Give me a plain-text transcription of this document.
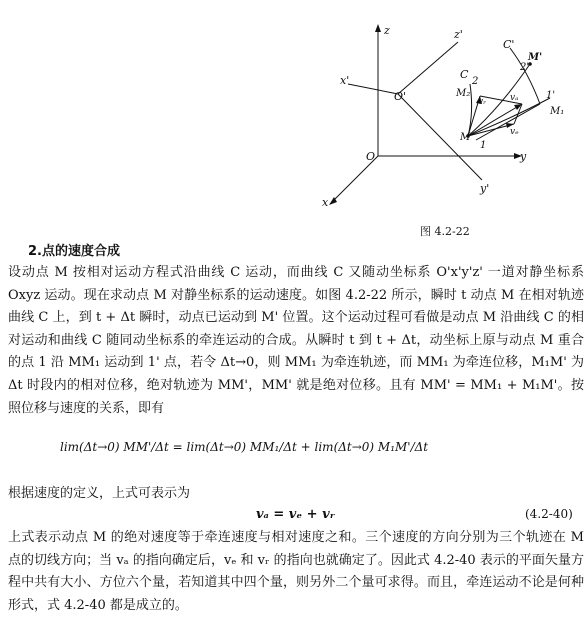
z	z'
x'
O'
O	y
x
y'
C'
C
M'
2'
2
M₂
vᵣ	vₐ
vₑ
1'
M₁
M
1
图 4.2-22
2.点的速度合成

设动点 M 按相对运动方程式沿曲线 C 运动，而曲线 C 又随动坐标系 O'x'y'z' 一道对静坐标系 Oxyz 运动。现在求动点 M 对静坐标系的运动速度。如图 4.2-22 所示，瞬时 t 动点 M 在相对轨迹曲线 C 上，到 t + Δt 瞬时，动点已运动到 M' 位置。这个运动过程可看做是动点 M 沿曲线 C 的相对运动和曲线 C 随同动坐标系的牵连运动的合成。从瞬时 t 到 t + Δt，动坐标上原与动点 M 重合的点 1 沿 MM₁ 运动到 1' 点，若令 Δt→0，则 MM₁ 为牵连轨迹，而 MM₁ 为牵连位移，M₁M' 为 Δt 时段内的相对位移，绝对轨迹为 MM'，MM' 就是绝对位移。且有 MM' = MM₁ + M₁M'。按照位移与速度的关系，即有

lim(Δt→0) MM'/Δt = lim(Δt→0) MM₁/Δt + lim(Δt→0) M₁M'/Δt

根据速度的定义，上式可表示为

vₐ = vₑ + vᵣ	(4.2-40)

上式表示动点 M 的绝对速度等于牵连速度与相对速度之和。三个速度的方向分别为三个轨迹在 M 点的切线方向；当 vₐ 的指向确定后，vₑ 和 vᵣ 的指向也就确定了。因此式 4.2-40 表示的平面矢量方程中共有大小、方位六个量，若知道其中四个量，则另外二个量可求得。而且，牵连运动不论是何种形式，式 4.2-40 都是成立的。
